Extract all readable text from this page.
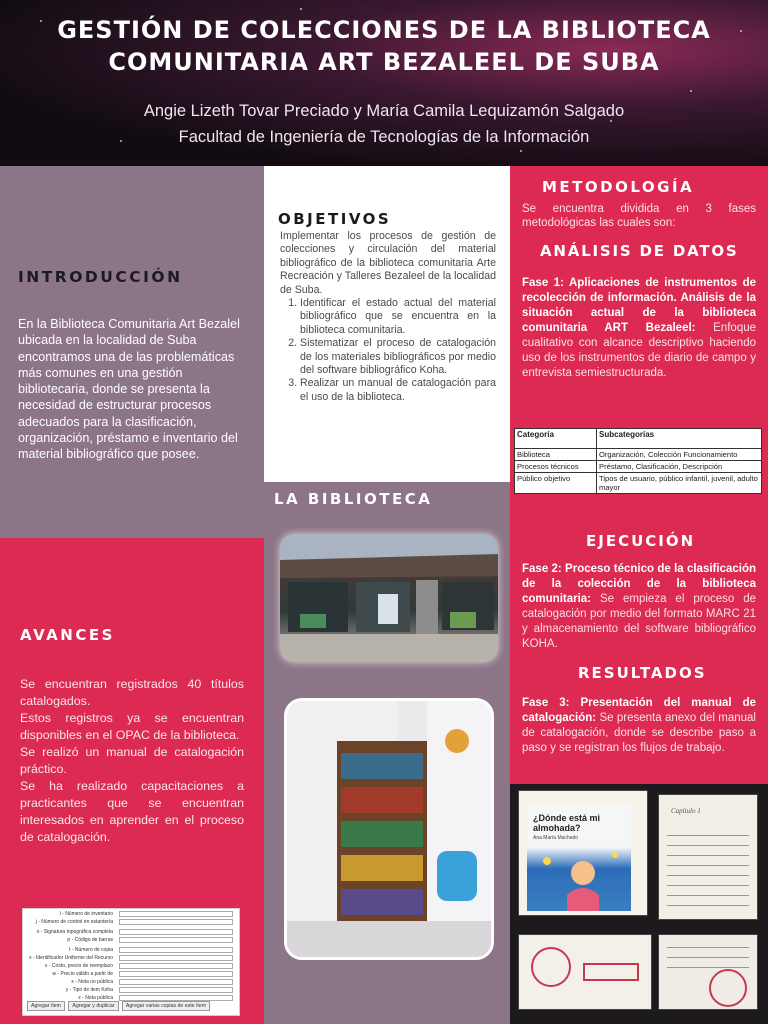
GESTIÓN DE COLECCIONES DE LA BIBLIOTECA
COMUNITARIA ART BEZALEEL DE SUBA
Angie Lizeth Tovar Preciado y María Camila Lequizamón Salgado
Facultad de Ingeniería de Tecnologías de la Información
INTRODUCCIÓN
En la Biblioteca Comunitaria Art Bezalel ubicada en la localidad de Suba encontramos una de las problemáticas más comunes en una gestión bibliotecaria, donde se presenta la necesidad de estructurar procesos adecuados para la clasificación, organización, préstamo e inventario del material bibliográfico que posee.
AVANCES

Se encuentran registrados 40 títulos catalogados.

Estos registros ya se encuentran disponibles en el OPAC de la biblioteca.

Se realizó un manual de catalogación práctico.

Se ha realizado capacitaciones a practicantes que se encuentran interesados en aprender en el proceso de catalogación.

l - Número de inventario
j - Número de control en estantería
o - Signatura topográfica completa
p - Código de barras
t - Número de copia
x - Identificador Uniforme del Recurso
v - Costo, precio de reemplazo
w - Precio válido a partir de
x - Nota no pública
y - Tipo de item Koha
z - Nota pública
Agregar ítem Agregar y duplicar Agregar varias copias de este ítem
OBJETIVOS
Implementar los procesos de gestión de colecciones y circulación del material bibliográfico de la biblioteca comunitaria Arte Recreación y Talleres Bezaleel de la localidad de Suba.
1. Identificar el estado actual del material bibliográfico que se encuentra en la biblioteca comunitaria.
2. Sistematizar el proceso de catalogación de los materiales bibliográficos por medio del software bibliográfico Koha.
3. Realizar un manual de catalogación para el uso de la biblioteca.
LA BIBLIOTECA
METODOLOGÍA
Se encuentra dividida en 3 fases metodológicas las cuales son:
ANÁLISIS DE DATOS
Fase 1: Aplicaciones de instrumentos de recolección de información. Análisis de la situación actual de la biblioteca comunitaria ART Bezaleel: Enfoque cualitativo con alcance descriptivo haciendo uso de los instrumentos de diario de campo y entrevista semiestructurada.
Categoría	Subcategorías
Biblioteca	Organización, Colección Funcionamiento
Procesos técnicos	Préstamo, Clasificación, Descripción
Público objetivo	Tipos de usuario, público infantil, juvenil, adulto mayor
EJECUCIÓN
Fase 2: Proceso técnico de la clasificación de la colección de la biblioteca comunitaria: Se empieza el proceso de catalogación por medio del formato MARC 21 y almacenamiento del software bibliográfico KOHA.
RESULTADOS
Fase 3: Presentación del manual de catalogación: Se presenta anexo del manual de catalogación, donde se describe paso a paso y se registran los flujos de trabajo.
¿Dónde está mi almohada?
Ana María Machado
Capítulo 1
